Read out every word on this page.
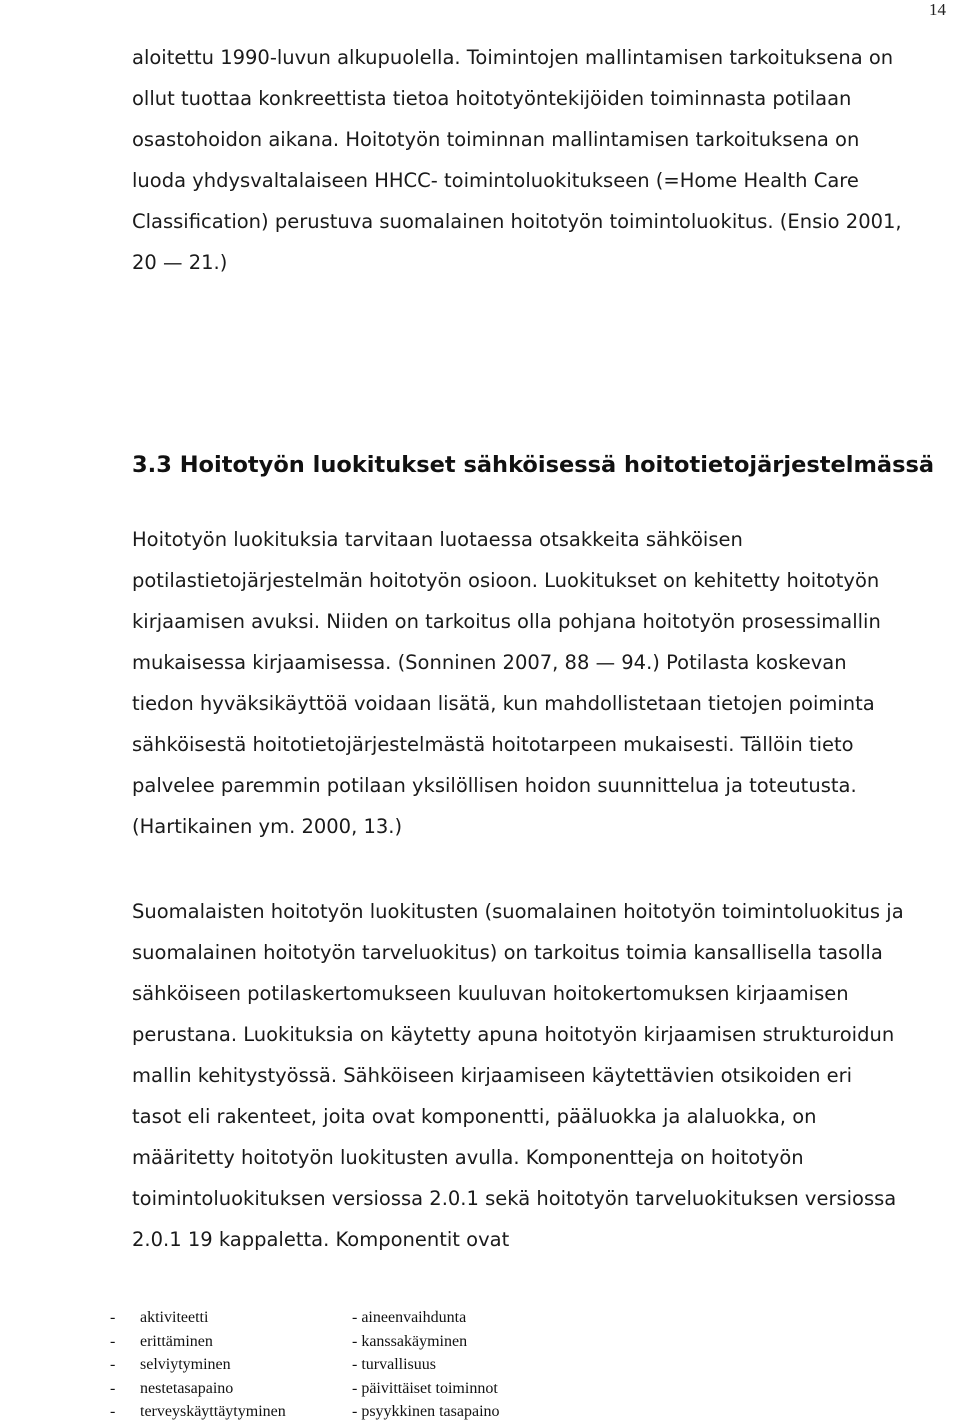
14
aloitettu 1990-luvun alkupuolella. Toimintojen mallintamisen tarkoituksena on
ollut tuottaa konkreettista tietoa hoitotyöntekijöiden toiminnasta potilaan
osastohoidon aikana. Hoitotyön toiminnan mallintamisen tarkoituksena on
luoda yhdysvaltalaiseen HHCC- toimintoluokitukseen (=Home Health Care
Classification) perustuva suomalainen hoitotyön toimintoluokitus. (Ensio 2001,
20 — 21.)
3.3 Hoitotyön luokitukset sähköisessä hoitotietojärjestelmässä
Hoitotyön luokituksia tarvitaan luotaessa otsakkeita sähköisen
potilastietojärjestelmän hoitotyön osioon. Luokitukset on kehitetty hoitotyön
kirjaamisen avuksi. Niiden on tarkoitus olla pohjana hoitotyön prosessimallin
mukaisessa kirjaamisessa. (Sonninen 2007, 88 — 94.) Potilasta koskevan
tiedon hyväksikäyttöä voidaan lisätä, kun mahdollistetaan tietojen poiminta
sähköisestä hoitotietojärjestelmästä hoitotarpeen mukaisesti. Tällöin tieto
palvelee paremmin potilaan yksilöllisen hoidon suunnittelua ja toteutusta.
(Hartikainen ym. 2000, 13.)
Suomalaisten hoitotyön luokitusten (suomalainen hoitotyön toimintoluokitus ja
suomalainen hoitotyön tarveluokitus) on tarkoitus toimia kansallisella tasolla
sähköiseen potilaskertomukseen kuuluvan hoitokertomuksen kirjaamisen
perustana. Luokituksia on käytetty apuna hoitotyön kirjaamisen strukturoidun
mallin kehitystyössä. Sähköiseen kirjaamiseen käytettävien otsikoiden eri
tasot eli rakenteet, joita ovat komponentti, pääluokka ja alaluokka, on
määritetty hoitotyön luokitusten avulla. Komponentteja on hoitotyön
toimintoluokituksen versiossa 2.0.1 sekä hoitotyön tarveluokituksen versiossa
2.0.1 19 kappaletta. Komponentit ovat
- aktiviteetti
- erittäminen
- selviytyminen
- nestetasapaino
- terveyskäyttäytyminen
- aineenvaihdunta
- kanssakäyminen
- turvallisuus
- päivittäiset toiminnot
- psyykkinen tasapaino
